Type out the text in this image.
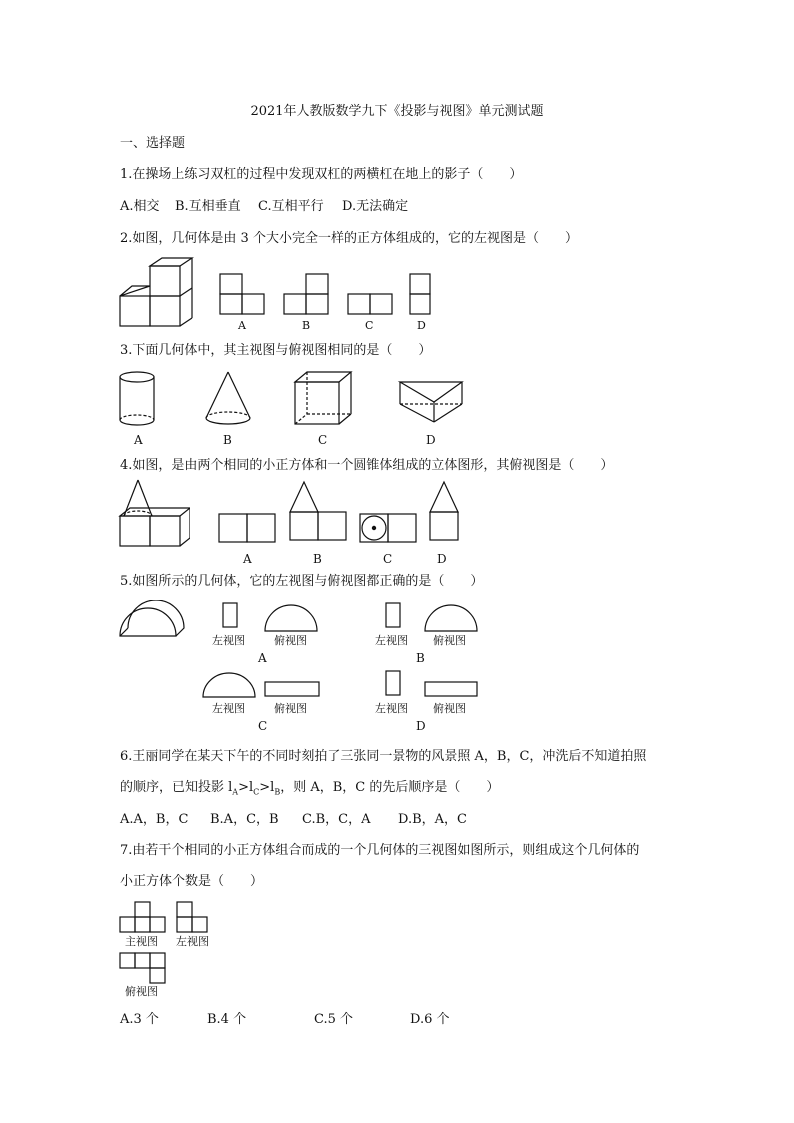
2021年人教版数学九下《投影与视图》单元测试题
一、选择题
1.在操场上练习双杠的过程中发现双杠的两横杠在地上的影子（　　）
A.相交 B.互相垂直 C.互相平行 D.无法确定
2.如图，几何体是由 3 个大小完全一样的正方体组成的，它的左视图是（　　）
A	B	C	D
3.下面几何体中，其主视图与俯视图相同的是（　　）
A	B	C	D
4.如图，是由两个相同的小正方体和一个圆锥体组成的立体图形，其俯视图是（　　）
A	B	C	D
5.如图所示的几何体，它的左视图与俯视图都正确的是（　　）
左视图	俯视图
A
左视图 俯视图
B
左视图	俯视图
C
左视图 俯视图
D
6.王丽同学在某天下午的不同时刻拍了三张同一景物的风景照 A，B，C，冲洗后不知道拍照
的顺序，已知投影 $l_A>l_C>l_B$，则 A，B，C 的先后顺序是（　　）
A.A，B，C B.A，C，B C.B，C，A D.B，A，C
7.由若干个相同的小正方体组合而成的一个几何体的三视图如图所示，则组成这个几何体的
小正方体个数是（　　）
主视图 左视图
俯视图
A.3 个	B.4 个	C.5 个	D.6 个
